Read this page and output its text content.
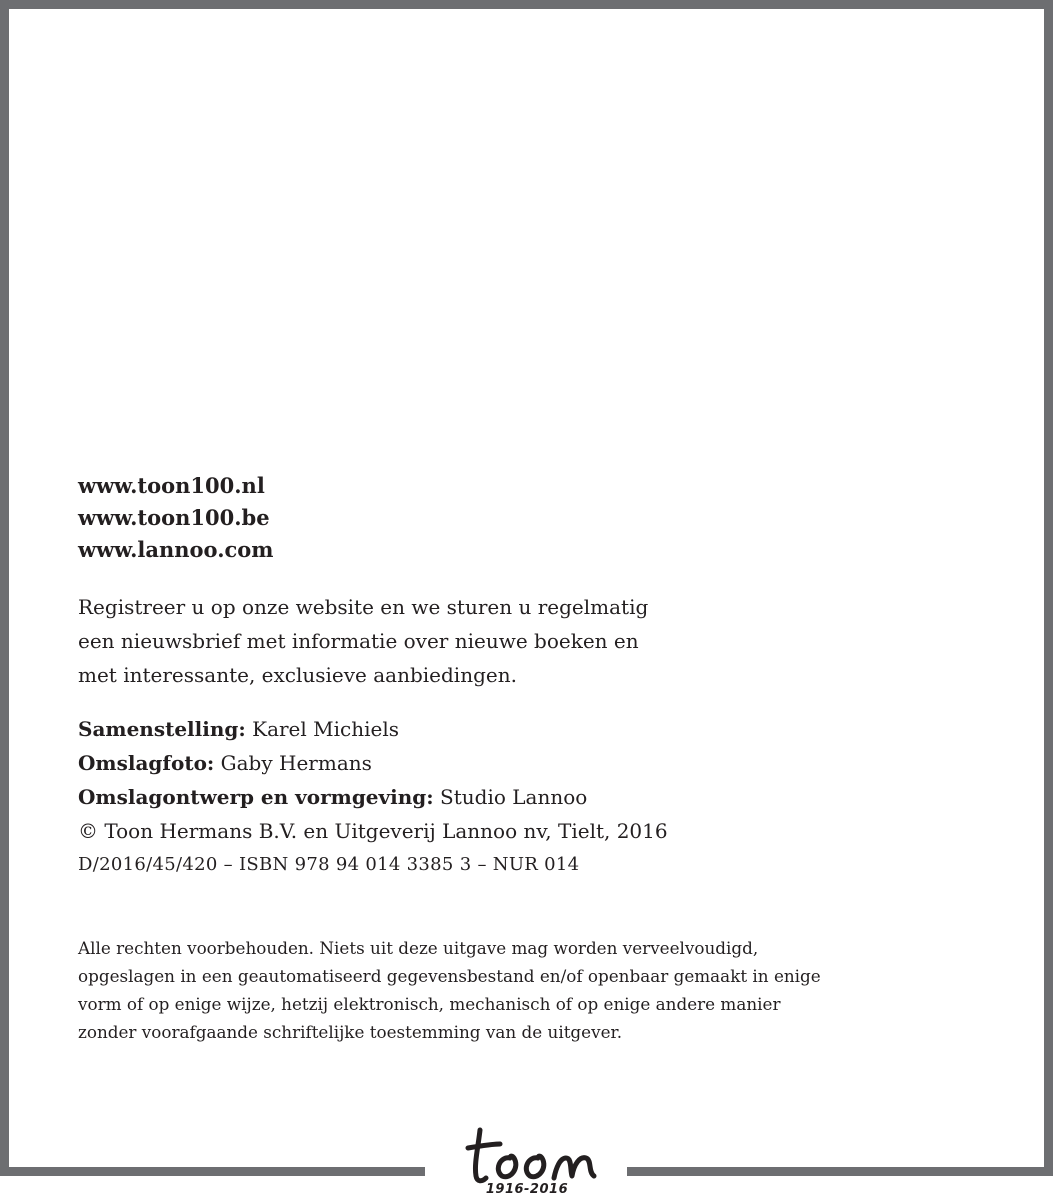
www.toon100.nl

www.toon100.be

www.lannoo.com

Registreer u op onze website en we sturen u regelmatig

een nieuwsbrief met informatie over nieuwe boeken en

met interessante, exclusieve aanbiedingen.

Samenstelling: Karel Michiels

Omslagfoto: Gaby Hermans

Omslagontwerp en vormgeving: Studio Lannoo

© Toon Hermans B.V. en Uitgeverij Lannoo nv, Tielt, 2016

D/2016/45/420 – ISBN 978 94 014 3385 3 – NUR 014

Alle rechten voorbehouden. Niets uit deze uitgave mag worden verveelvoudigd,

opgeslagen in een geautomatiseerd gegevensbestand en/of openbaar gemaakt in enige

vorm of op enige wijze, hetzij elektronisch, mechanisch of op enige andere manier

zonder voorafgaande schriftelijke toestemming van de uitgever.

1916-2016
